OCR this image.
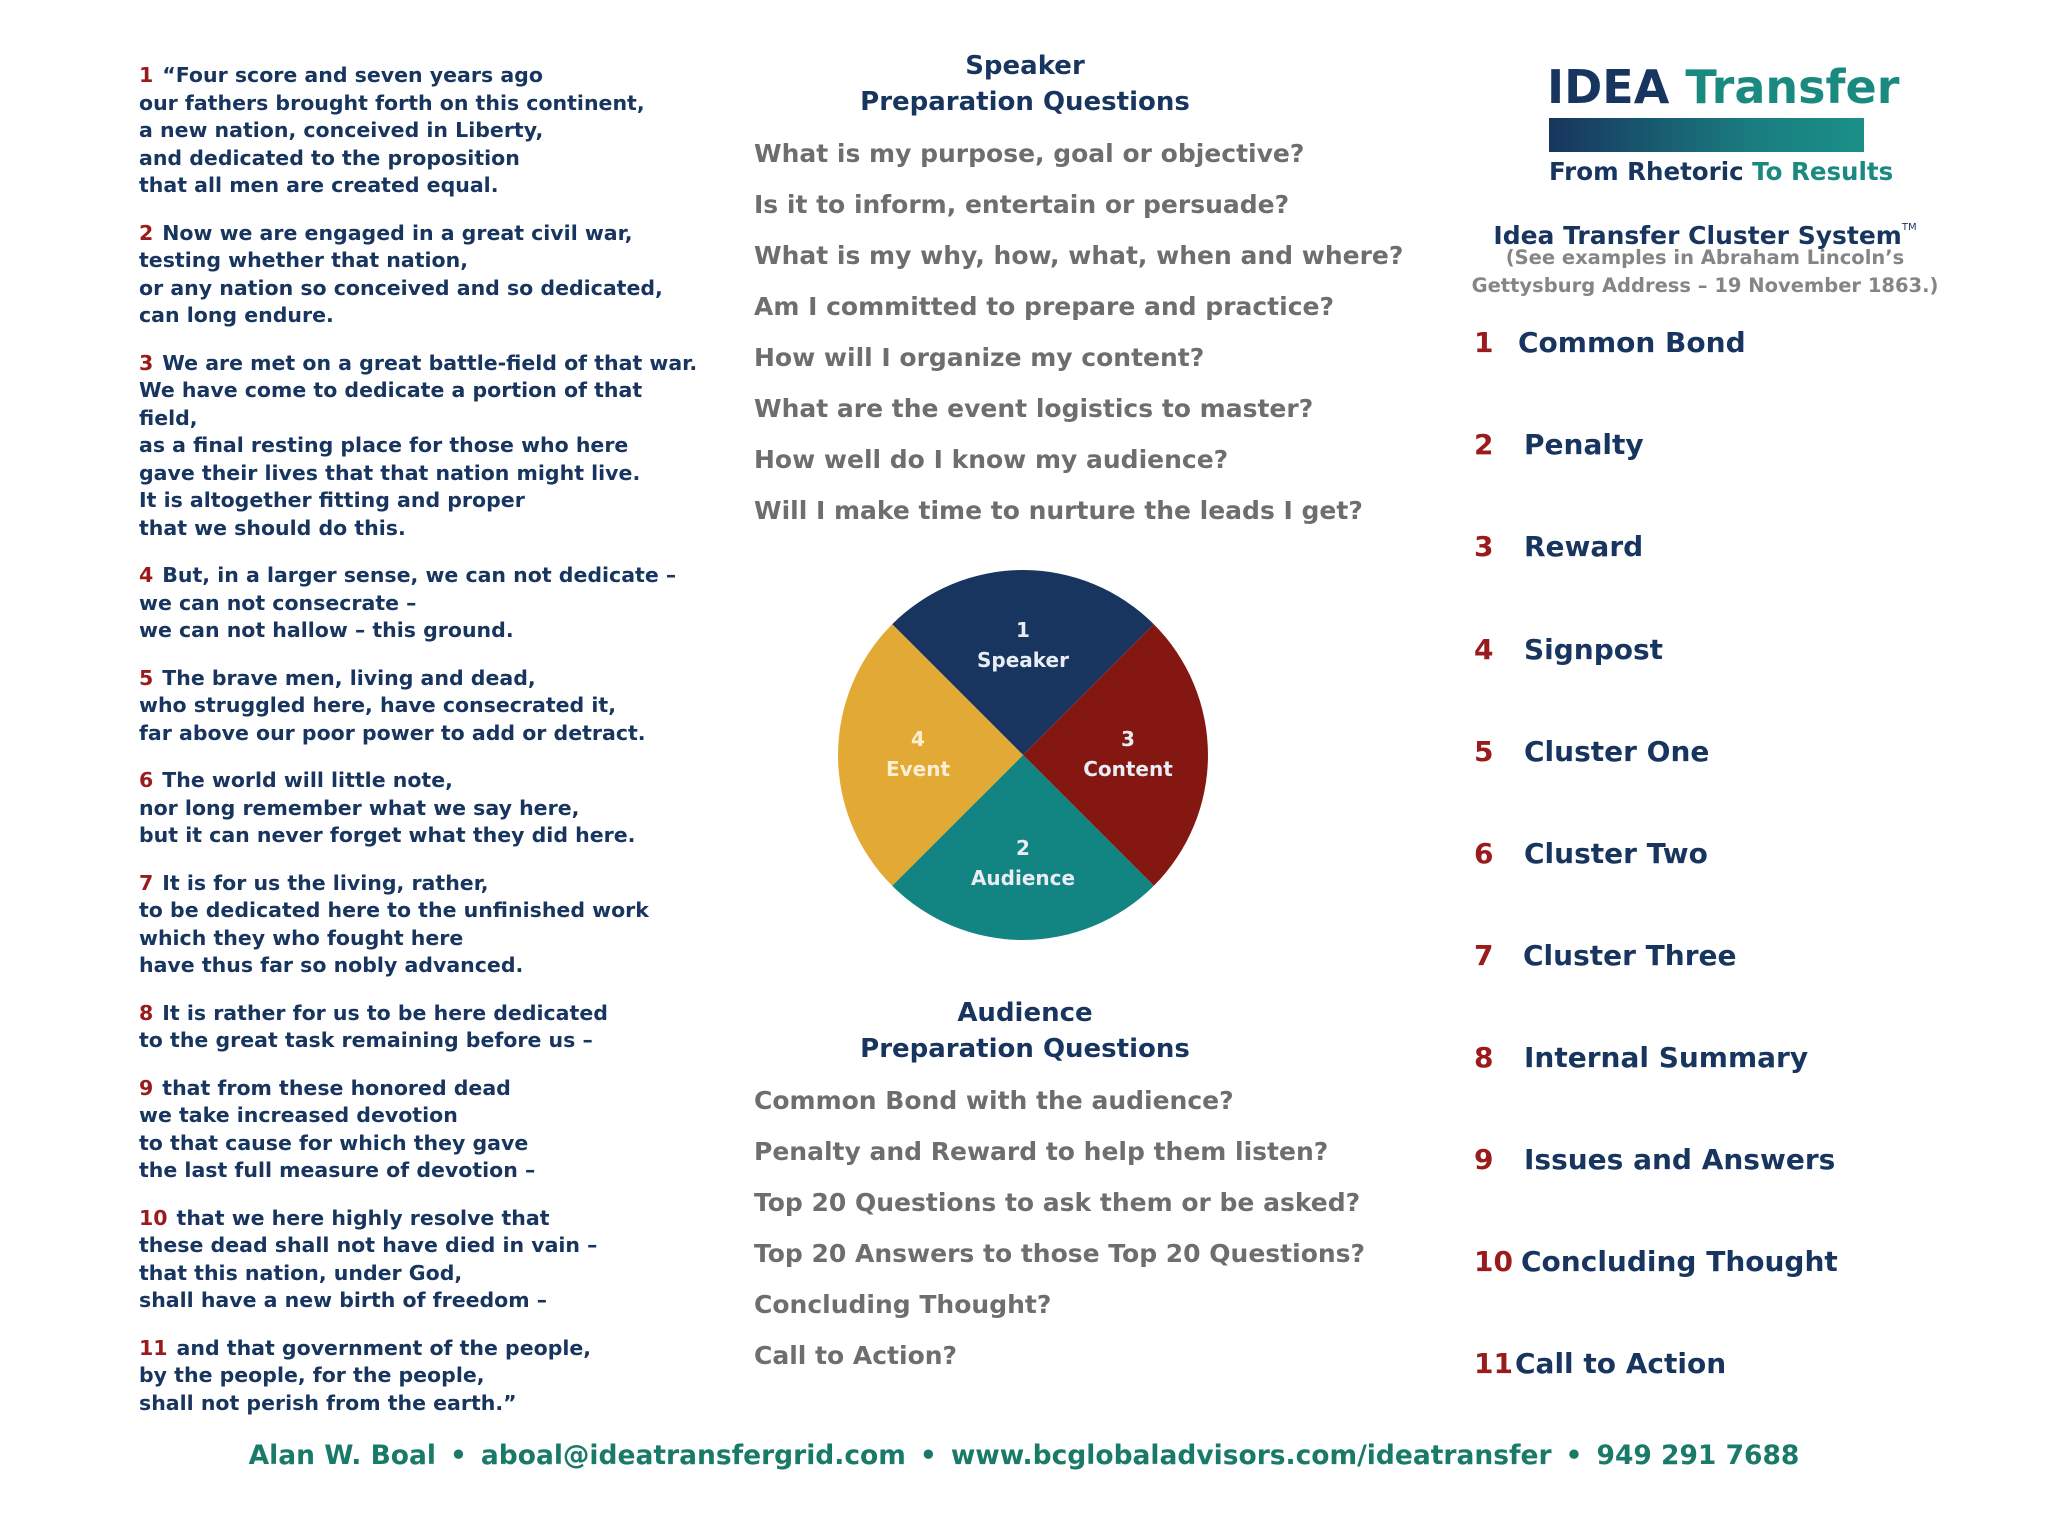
1 “Four score and seven years ago
our fathers brought forth on this continent,
a new nation, conceived in Liberty,
and dedicated to the proposition
that all men are created equal.

2 Now we are engaged in a great civil war,
testing whether that nation,
or any nation so conceived and so dedicated,
can long endure.

3 We are met on a great battle-field of that war.
We have come to dedicate a portion of that field,
as a final resting place for those who here
gave their lives that that nation might live.
It is altogether fitting and proper
that we should do this.

4 But, in a larger sense, we can not dedicate –
we can not consecrate –
we can not hallow – this ground.

5 The brave men, living and dead,
who struggled here, have consecrated it,
far above our poor power to add or detract.

6 The world will little note,
nor long remember what we say here,
but it can never forget what they did here.

7 It is for us the living, rather,
to be dedicated here to the unfinished work
which they who fought here
have thus far so nobly advanced.

8 It is rather for us to be here dedicated
to the great task remaining before us –

9 that from these honored dead
we take increased devotion
to that cause for which they gave
the last full measure of devotion –

10 that we here highly resolve that
these dead shall not have died in vain –
that this nation, under God,
shall have a new birth of freedom –

11 and that government of the people,
by the people, for the people,
shall not perish from the earth.”

Speaker
Preparation Questions
What is my purpose, goal or objective?
Is it to inform, entertain or persuade?
What is my why, how, what, when and where?
Am I committed to prepare and practice?
How will I organize my content?
What are the event logistics to master?
How well do I know my audience?
Will I make time to nurture the leads I get?
1
Speaker
3
Content
2
Audience
4
Event
Audience
Preparation Questions
Common Bond with the audience?
Penalty and Reward to help them listen?
Top 20 Questions to ask them or be asked?
Top 20 Answers to those Top 20 Questions?
Concluding Thought?
Call to Action?
IDEA Transfer
From Rhetoric To Results
Idea Transfer Cluster System™
(See examples in Abraham Lincoln’s
Gettysburg Address – 19 November 1863.)
1 Common Bond
2 Penalty
3 Reward
4 Signpost
5 Cluster One
6 Cluster Two
7 Cluster Three
8 Internal Summary
9 Issues and Answers
10 Concluding Thought
11Call to Action
Alan W. Boal • aboal@ideatransfergrid.com • www.bcglobaladvisors.com/ideatransfer • 949 291 7688
